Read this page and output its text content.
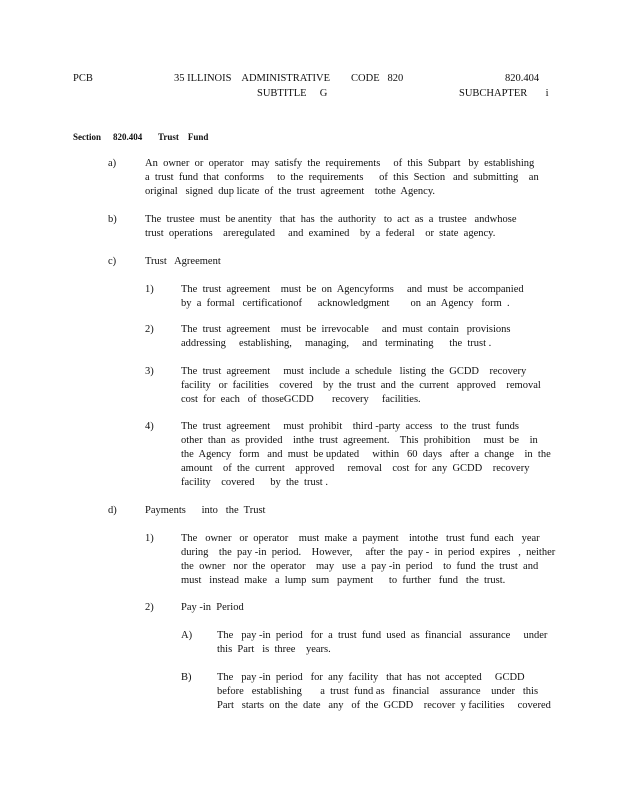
PCB	35 ILLINOIS    ADMINISTRATIVE        CODE   820	820.404
SUBTITLE     G	SUBCHAPTER       i
Section 820.404 Trust    Fund
a)	An  owner  or  operator   may  satisfy  the  requirements     of  this  Subpart   by  establishing
a  trust  fund  that  conforms     to  the  requirements      of  this  Section   and  submitting    an
original   signed  dup licate  of  the  trust  agreement    tothe  Agency.
b)	The  trustee  must  be anentity   that  has  the  authority   to  act  as  a  trustee   andwhose
trust  operations    areregulated     and  examined    by  a  federal    or  state  agency.
c)	Trust   Agreement
1)	The  trust  agreement    must  be  on  Agencyforms     and  must  be  accompanied
by  a  formal   certificationof      acknowledgment        on  an  Agency   form  .
2)	The  trust  agreement    must  be  irrevocable     and  must  contain   provisions
addressing     establishing,     managing,     and   terminating      the  trust .
3)	The  trust  agreement     must  include  a  schedule   listing  the  GCDD    recovery
facility   or  facilities    covered    by  the  trust  and  the  current   approved    removal
cost  for  each   of  thoseGCDD       recovery     facilities.
4)	The  trust  agreement     must  prohibit    third -party  access   to  the  trust  funds
other  than  as  provided    inthe  trust  agreement.    This  prohibition     must  be    in
the  Agency   form   and  must  be updated     within   60  days   after  a  change    in  the
amount    of  the  current    approved     removal    cost  for  any  GCDD    recovery
facility    covered      by  the  trust .
d)	Payments      into   the  Trust
1)	The   owner   or  operator    must  make  a  payment    intothe   trust  fund  each   year
during    the  pay -in  period.    However,     after  the  pay -  in  period  expires   ,  neither
the  owner   nor  the  operator    may   use  a  pay -in  period    to  fund  the  trust  and
must   instead  make   a  lump  sum   payment      to  further   fund   the  trust.
2)	Pay -in  Period
A) The   pay -in  period   for  a  trust  fund  used  as  financial   assurance     under
this  Part   is  three    years.
B) The   pay -in  period   for  any  facility   that  has  not  accepted     GCDD
before   establishing       a  trust  fund as   financial    assurance    under   this
Part   starts  on  the  date   any   of  the  GCDD    recover  y facilities     covered
